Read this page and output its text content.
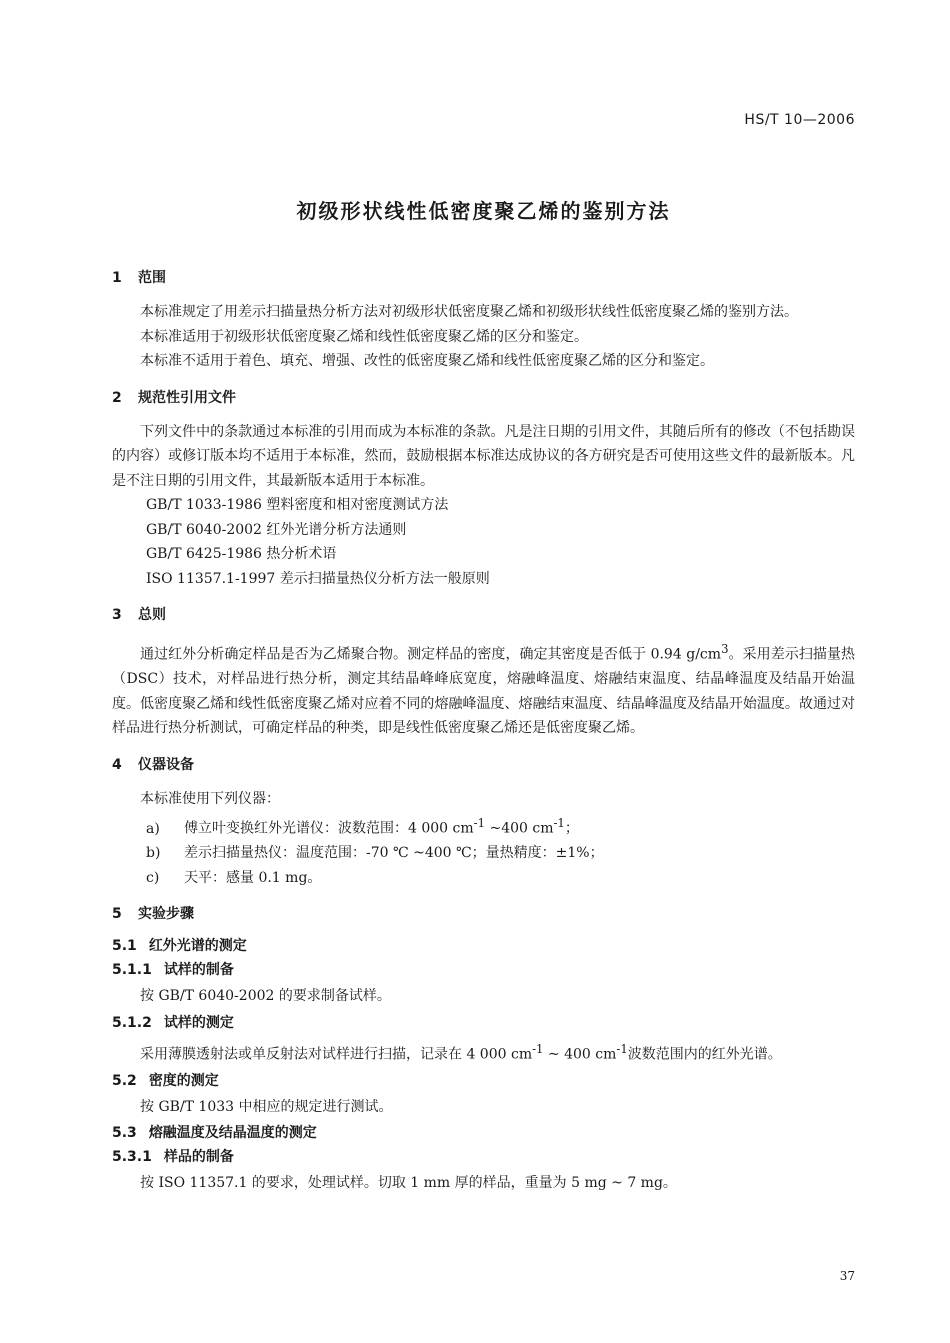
HS/T 10—2006
初级形状线性低密度聚乙烯的鉴别方法
1 范围

本标准规定了用差示扫描量热分析方法对初级形状低密度聚乙烯和初级形状线性低密度聚乙烯的鉴别方法。

本标准适用于初级形状低密度聚乙烯和线性低密度聚乙烯的区分和鉴定。

本标准不适用于着色、填充、增强、改性的低密度聚乙烯和线性低密度聚乙烯的区分和鉴定。

2 规范性引用文件

下列文件中的条款通过本标准的引用而成为本标准的条款。凡是注日期的引用文件，其随后所有的修改（不包括勘误的内容）或修订版本均不适用于本标准，然而，鼓励根据本标准达成协议的各方研究是否可使用这些文件的最新版本。凡是不注日期的引用文件，其最新版本适用于本标准。

GB/T 1033-1986 塑料密度和相对密度测试方法

GB/T 6040-2002 红外光谱分析方法通则

GB/T 6425-1986 热分析术语

ISO 11357.1-1997 差示扫描量热仪分析方法一般原则

3 总则

通过红外分析确定样品是否为乙烯聚合物。测定样品的密度，确定其密度是否低于 0.94 $g/cm^3$。采用差示扫描量热（DSC）技术，对样品进行热分析，测定其结晶峰峰底宽度，熔融峰温度、熔融结束温度、结晶峰温度及结晶开始温度。低密度聚乙烯和线性低密度聚乙烯对应着不同的熔融峰温度、熔融结束温度、结晶峰温度及结晶开始温度。故通过对样品进行热分析测试，可确定样品的种类，即是线性低密度聚乙烯还是低密度聚乙烯。

4 仪器设备

本标准使用下列仪器：

a) 傅立叶变换红外光谱仪：波数范围：4 000 $cm^{-1}$ ~400 $cm^{-1}$；

b) 差示扫描量热仪：温度范围：-70 ℃ ~400 ℃；量热精度：±1%；

c) 天平：感量 0.1 mg。

5 实验步骤
5.1 红外光谱的测定
5.1.1 试样的制备

按 GB/T 6040-2002 的要求制备试样。

5.1.2 试样的测定

采用薄膜透射法或单反射法对试样进行扫描，记录在 4 000 $cm^{-1}$ ~ 400 $cm^{-1}$波数范围内的红外光谱。

5.2 密度的测定

按 GB/T 1033 中相应的规定进行测试。

5.3 熔融温度及结晶温度的测定
5.3.1 样品的制备

按 ISO 11357.1 的要求，处理试样。切取 1 mm 厚的样品，重量为 5 mg ~ 7 mg。

37
